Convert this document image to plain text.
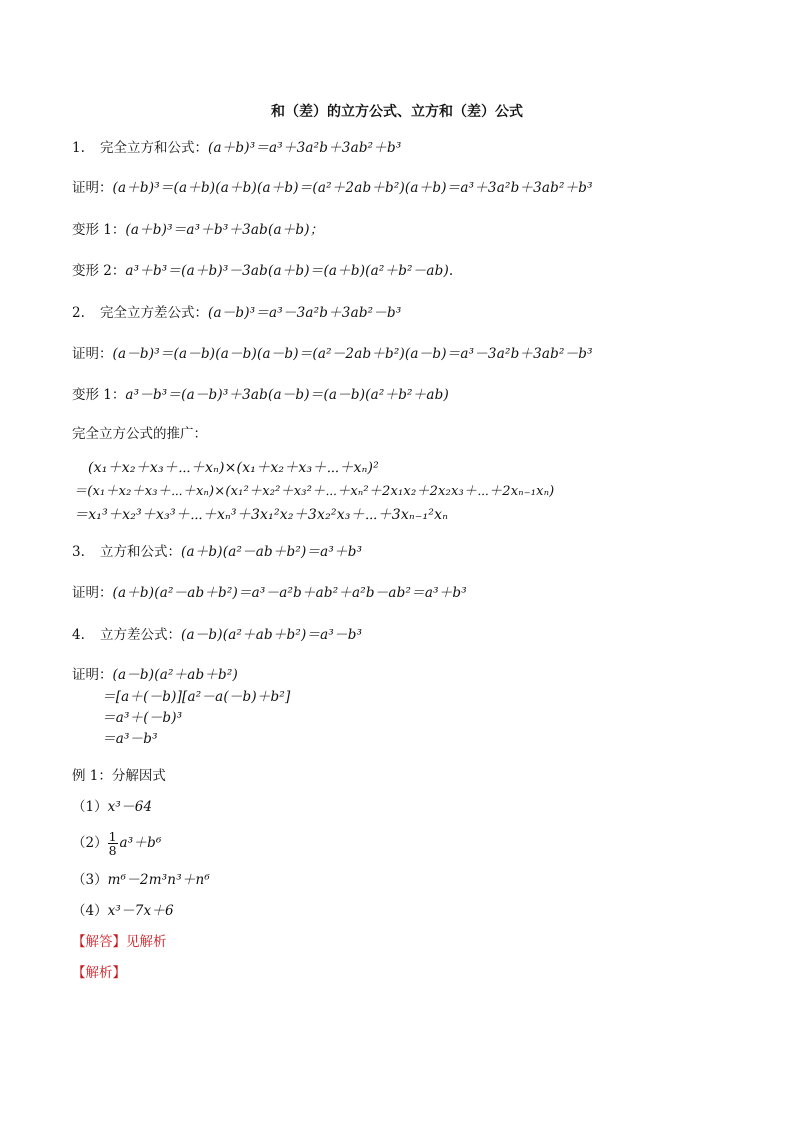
和（差）的立方公式、立方和（差）公式
1. 完全立方和公式：(a＋b)³＝a³＋3a²b＋3ab²＋b³
证明：(a＋b)³＝(a＋b)(a＋b)(a＋b)＝(a²＋2ab＋b²)(a＋b)＝a³＋3a²b＋3ab²＋b³
变形 1：(a＋b)³＝a³＋b³＋3ab(a＋b)；
变形 2：a³＋b³＝(a＋b)³－3ab(a＋b)＝(a＋b)(a²＋b²－ab).
2. 完全立方差公式：(a－b)³＝a³－3a²b＋3ab²－b³
证明：(a－b)³＝(a－b)(a－b)(a－b)＝(a²－2ab＋b²)(a－b)＝a³－3a²b＋3ab²－b³
变形 1：a³－b³＝(a－b)³＋3ab(a－b)＝(a－b)(a²＋b²＋ab)
完全立方公式的推广：
(x₁＋x₂＋x₃＋⋯＋xₙ)×(x₁＋x₂＋x₃＋⋯＋xₙ)²
＝(x₁＋x₂＋x₃＋⋯＋xₙ)×(x₁²＋x₂²＋x₃²＋⋯＋xₙ²＋2x₁x₂＋2x₂x₃＋⋯＋2xₙ₋₁xₙ)
＝x₁³＋x₂³＋x₃³＋⋯＋xₙ³＋3x₁²x₂＋3x₂²x₃＋⋯＋3xₙ₋₁²xₙ
3. 立方和公式：(a＋b)(a²－ab＋b²)＝a³＋b³
证明：(a＋b)(a²－ab＋b²)＝a³－a²b＋ab²＋a²b－ab²＝a³＋b³
4. 立方差公式：(a－b)(a²＋ab＋b²)＝a³－b³
证明：(a－b)(a²＋ab＋b²)
＝[a＋(－b)][a²－a(－b)＋b²]
＝a³＋(－b)³
＝a³－b³
例 1：分解因式
（1）x³－64
$(2) \frac{1}{8} a^3+b^6$
（3）m⁶－2m³n³＋n⁶
（4）x³－7x＋6
【解答】见解析
【解析】
